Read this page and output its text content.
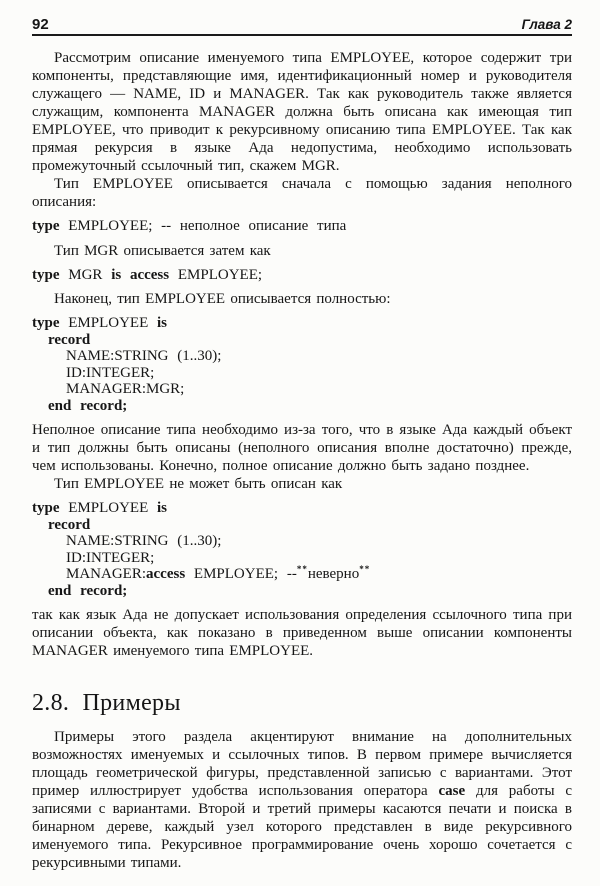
92	Глава 2

Рассмотрим описание именуемого типа EMPLOYEE, которое содержит три компоненты, представляющие имя, идентификационный номер и руководителя служащего — NAME, ID и MANAGER. Так как руководитель также является служащим, компонента MANAGER должна быть описана как имеющая тип EMPLOYEE, что приводит к рекурсивному описанию типа EMPLOYEE. Так как прямая рекурсия в языке Ада недопустима, необходимо использовать промежуточный ссылочный тип, скажем MGR.

Тип EMPLOYEE описывается сначала с помощью задания неполного описания:

type EMPLOYEE; -- неполное описание типа

Тип MGR описывается затем как

type MGR is access EMPLOYEE;

Наконец, тип EMPLOYEE описывается полностью:

type EMPLOYEE is
record
NAME:STRING (1..30);
ID:INTEGER;
MANAGER:MGR;
end record;

Неполное описание типа необходимо из-за того, что в языке Ада каждый объект и тип должны быть описаны (неполного описания вполне достаточно) прежде, чем использованы. Конечно, полное описание должно быть задано позднее.

Тип EMPLOYEE не может быть описан как

type EMPLOYEE is
record
NAME:STRING (1..30);
ID:INTEGER;
MANAGER:access EMPLOYEE; --**неверно**
end record;

так как язык Ада не допускает использования определения ссылочного типа при описании объекта, как показано в приведенном выше описании компоненты MANAGER именуемого типа EMPLOYEE.

2.8. Примеры

Примеры этого раздела акцентируют внимание на дополнительных возможностях именуемых и ссылочных типов. В первом примере вычисляется площадь геометрической фигуры, представленной записью с вариантами. Этот пример иллюстрирует удобства использования оператора case для работы с записями с вариантами. Второй и третий примеры касаются печати и поиска в бинарном дереве, каждый узел которого представлен в виде рекурсивного именуемого типа. Рекурсивное программирование очень хорошо сочетается с рекурсивными типами.
